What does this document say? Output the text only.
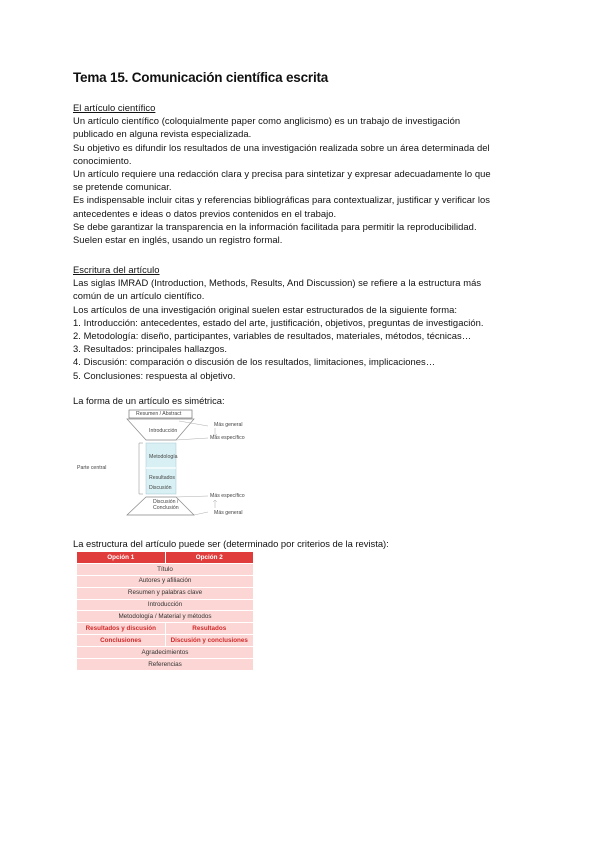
Tema 15. Comunicación científica escrita

El artículo científico

Un artículo científico (coloquialmente paper como anglicismo) es un trabajo de investigación

publicado en alguna revista especializada.

Su objetivo es difundir los resultados de una investigación realizada sobre un área determinada del

conocimiento.

Un artículo requiere una redacción clara y precisa para sintetizar y expresar adecuadamente lo que

se pretende comunicar.

Es indispensable incluir citas y referencias bibliográficas para contextualizar, justificar y verificar los

antecedentes e ideas o datos previos contenidos en el trabajo.

Se debe garantizar la transparencia en la información facilitada para permitir la reproducibilidad.

Suelen estar en inglés, usando un registro formal.

Escritura del artículo

Las siglas IMRAD (Introduction, Methods, Results, And Discussion) se refiere a la estructura más

común de un artículo científico.

Los artículos de una investigación original suelen estar estructurados de la siguiente forma:

1. Introducción: antecedentes, estado del arte, justificación, objetivos, preguntas de investigación.

2. Metodología: diseño, participantes, variables de resultados, materiales, métodos, técnicas…

3. Resultados: principales hallazgos.

4. Discusión: comparación o discusión de los resultados, limitaciones, implicaciones…

5. Conclusiones: respuesta al objetivo.

La forma de un artículo es simétrica:
Resumen / Abstract
Introducción
Metodología
Resultados
Discusión
Discusión /
Conclusión
Parte central
Más general
Más específico
Más específico
Más general
La estructura del artículo puede ser (determinado por criterios de la revista):
Opción 1	Opción 2
Título	
Autores y afiliación	
Resumen y palabras clave	
Introducción	
Metodología / Material y métodos	
Resultados y discusión	Resultados
Conclusiones	Discusión y conclusiones
Agradecimientos	
Referencias	
